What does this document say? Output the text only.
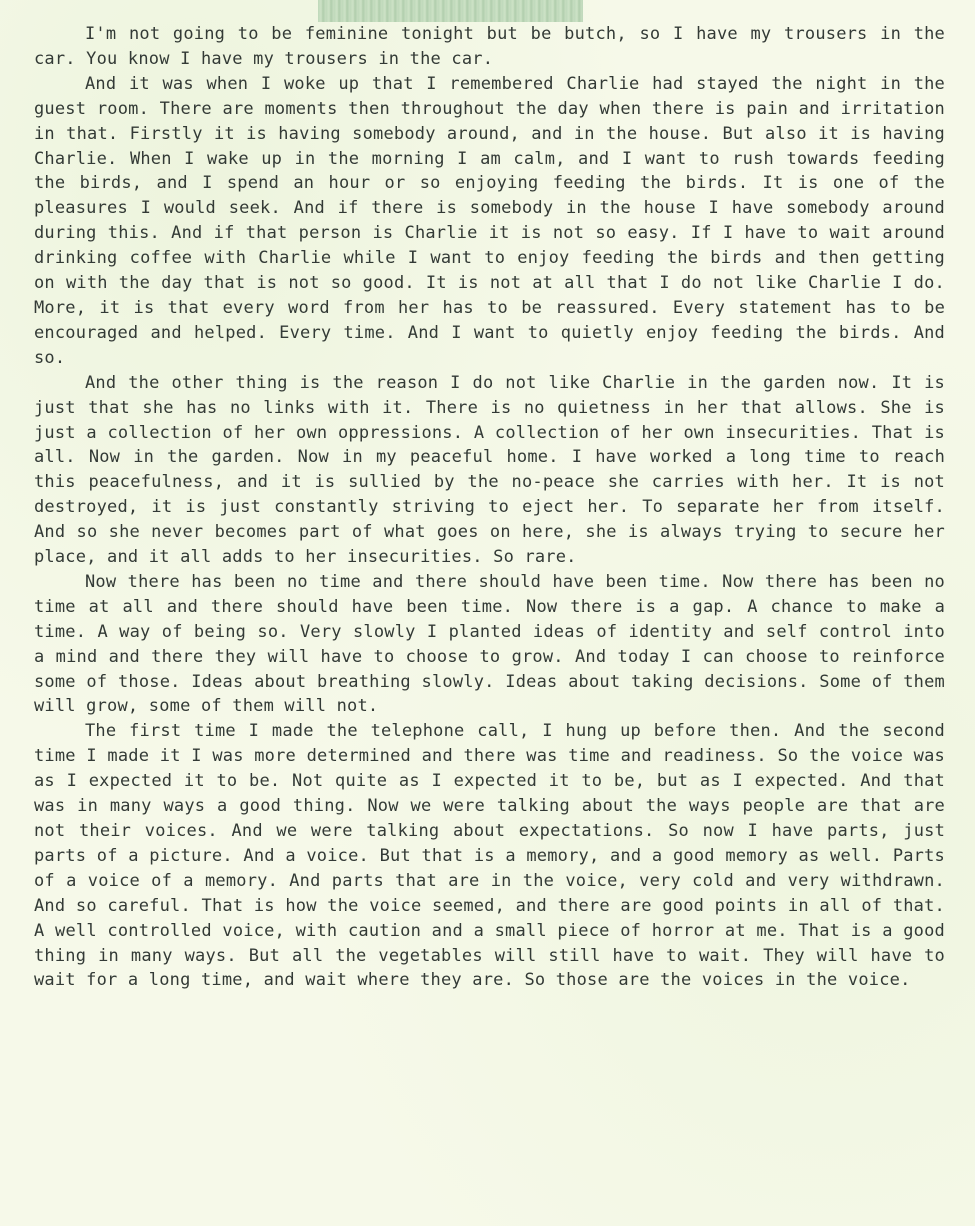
I'm not going to be feminine tonight but be butch, so I have my trousers in the car. You know I have my trousers in the car.

And it was when I woke up that I remembered Charlie had stayed the night in the guest room. There are moments then throughout the day when there is pain and irritation in that. Firstly it is having somebody around, and in the house. But also it is having Charlie. When I wake up in the morning I am calm, and I want to rush towards feeding the birds, and I spend an hour or so enjoying feeding the birds. It is one of the pleasures I would seek. And if there is somebody in the house I have somebody around during this. And if that person is Charlie it is not so easy. If I have to wait around drinking coffee with Charlie while I want to enjoy feeding the birds and then getting on with the day that is not so good. It is not at all that I do not like Charlie I do. More, it is that every word from her has to be reassured. Every statement has to be encouraged and helped. Every time. And I want to quietly enjoy feeding the birds. And so.

And the other thing is the reason I do not like Charlie in the garden now. It is just that she has no links with it. There is no quietness in her that allows. She is just a collection of her own oppressions. A collection of her own insecurities. That is all. Now in the garden. Now in my peaceful home. I have worked a long time to reach this peacefulness, and it is sullied by the no-peace she carries with her. It is not destroyed, it is just constantly striving to eject her. To separate her from itself. And so she never becomes part of what goes on here, she is always trying to secure her place, and it all adds to her insecurities. So rare.

Now there has been no time and there should have been time. Now there has been no time at all and there should have been time. Now there is a gap. A chance to make a time. A way of being so. Very slowly I planted ideas of identity and self control into a mind and there they will have to choose to grow. And today I can choose to reinforce some of those. Ideas about breathing slowly. Ideas about taking decisions. Some of them will grow, some of them will not.

The first time I made the telephone call, I hung up before then. And the second time I made it I was more determined and there was time and readiness. So the voice was as I expected it to be. Not quite as I expected it to be, but as I expected. And that was in many ways a good thing. Now we were talking about the ways people are that are not their voices. And we were talking about expectations. So now I have parts, just parts of a picture. And a voice. But that is a memory, and a good memory as well. Parts of a voice of a memory. And parts that are in the voice, very cold and very withdrawn. And so careful. That is how the voice seemed, and there are good points in all of that. A well controlled voice, with caution and a small piece of horror at me. That is a good thing in many ways. But all the vegetables will still have to wait. They will have to wait for a long time, and wait where they are. So those are the voices in the voice.
